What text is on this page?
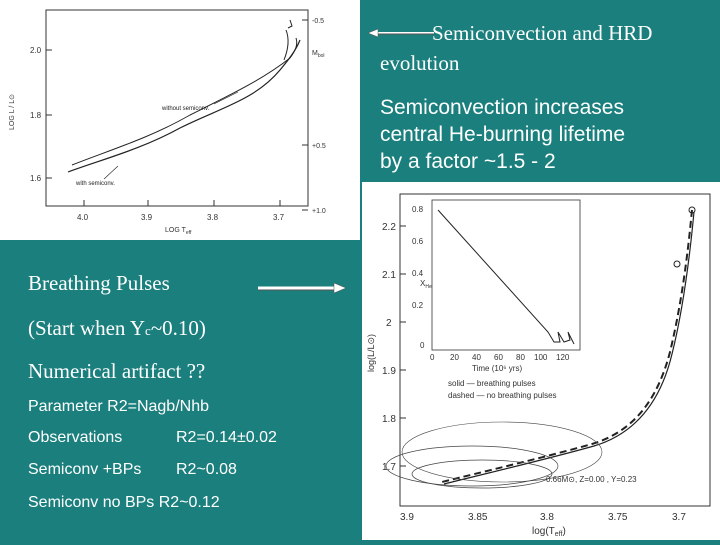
2.0
1.8
1.6
LOG L / L⊙
4.0	3.9	3.8	3.7
LOG $T_{eff}$
-0.5
+0.5
+1.0
$M_{bol}$
without semiconv.
with semiconv.
Semiconvection and HRD
evolution
Semiconvection increases
central He-burning lifetime
by a factor ~1.5 - 2
Breathing Pulses
(Start when Yc~0.10)
Numerical artifact ??
Parameter R2=Nagb/Nhb
Observations	R2=0.14±0.02
Semiconv +BPs R2~0.08
Semiconv no BPs R2~0.12
2.2
2.1
2
1.9
1.8
1.7
log(L/L⊙)
3.9	3.85	3.8	3.75	3.7
$\log(T_{eff})$
0.8
0.6
0.4
0.2
0
0 20 40 60 80 100 120
Time (10⁶ yrs)
$X_{He}$
solid — breathing pulses
dashed — no breathing pulses
0.66M⊙, Z=0.00 , Y=0.23
